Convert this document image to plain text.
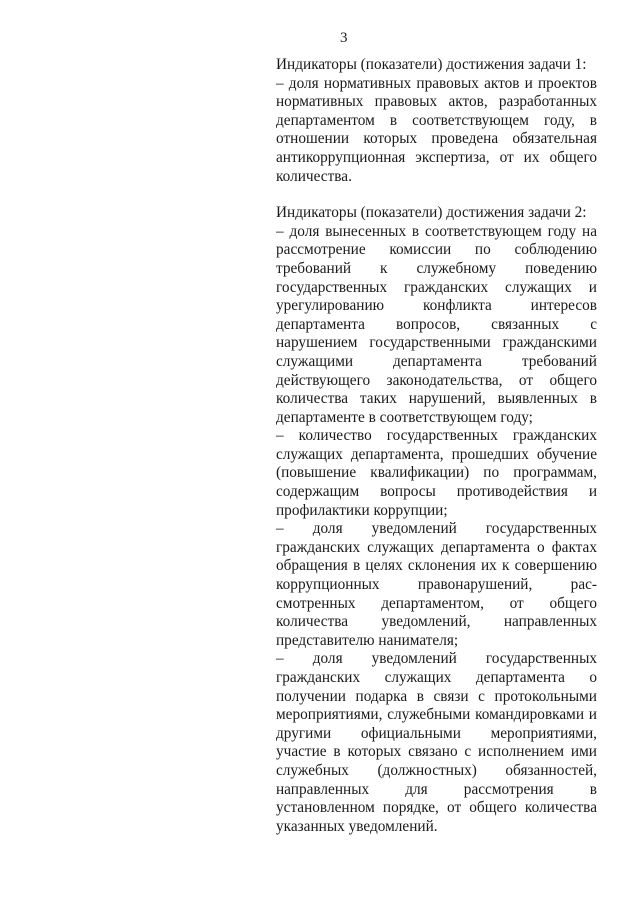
3

Индикаторы (показатели) достижения задачи 1:

– доля нормативных правовых актов и проектов нормативных правовых актов, разработанных департаментом в соответствующем году, в отношении которых проведена обязательная антикоррупционная экспертиза, от их общего количества.

Индикаторы (показатели) достижения задачи 2:

– доля вынесенных в соответствующем году на рассмотрение комиссии по соблюдению требований к служебному поведению государственных гражданских служащих и урегулированию конфликта интересов департамента вопросов, связанных с нарушением государственными гражданскими служащими департамента требований действующего законодательства, от общего количества таких нарушений, выявленных в департаменте в соответствующем году;

– количество государственных гражданских служащих департамента, прошедших обучение (повышение квалификации) по программам, содержащим вопросы противодействия и профилактики коррупции;

– доля уведомлений государственных гражданских служащих департамента о фактах обращения в целях склонения их к совершению коррупционных правонарушений, рас-смотренных департаментом, от общего количества уведомлений, направленных представителю нанимателя;

– доля уведомлений государственных гражданских служащих департамента о получении подарка в связи с протокольными мероприятиями, служебными командировками и другими официальными мероприятиями, участие в которых связано с исполнением ими служебных (должностных) обязанностей, направленных для рассмотрения в установленном порядке, от общего количества указанных уведомлений.
